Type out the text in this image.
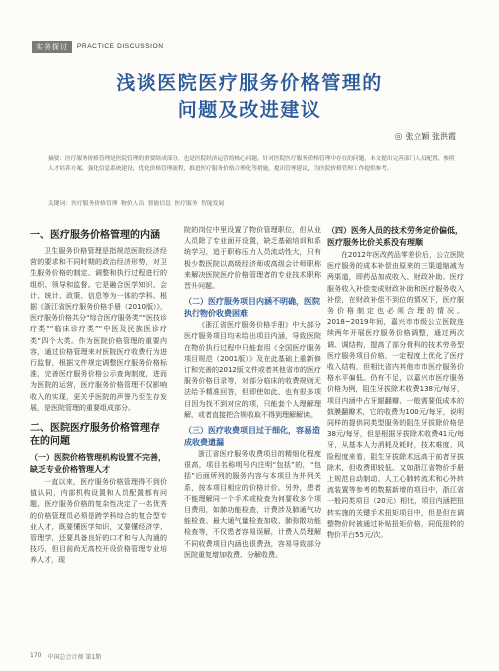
实务探讨	PRACTICE DISCUSSION
浅谈医院医疗服务价格管理的
问题及改进建议
◎ 张立颖 张洪霞
摘要：医疗服务价格管理是医院管理的重要组成部分，也是医院经济运营的核心问题。针对医院医疗服务价格管理中存在的问题，本文提出完善部门人员配置、参照人才培养方案，强化信息系统建设，优化价格管理流程，推进医疗服务价格合理化等措施，提出管理建议，为医院价格管理工作提供参考。
关键词：医疗服务价格管理 物价人员 智能信息 医疗服务 智能发展
一、医疗服务价格管理的内涵

卫生服务价格管理是指规范医院经济经营的要求和不同时期的政治经济形势，对卫生服务价格的制定、调整和执行过程进行的组织、领导和监督。它是融合医学知识、会计、统计、政策、信息等为一体的学科。根据《浙江省医疗服务价格手册（2010版）》，医疗服务价格共分“综合医疗服务类”“医技诊疗类”“临床诊疗类”“中医及民族医诊疗类”四个大类。作为医院价格管理的重要内容，通过价格管理来对医院医疗收费行为进行监督，根据文件规定调整医疗服务价格标准，完善医疗服务价格公示查询制度，进而为医院的运营，医疗服务价格管理不仅影响收入的实现，更关乎医院的声誉乃至生存发展，是医院管理的重要组成部分。

二、医院医疗服务价格管理存在的问题
（一）医院价格管理机构设置不完善，缺乏专业价格管理人才

一直以来，医疗服务价格管理得不到价值认同，内部机构设置和人员配置都有问题，医疗服务价格的复杂性决定了一名优秀的价格管理员必须是跨学科综合的复合型专业人才，既要懂医学知识，又要懂经济学、管理学，还要具备良好的口才和与人沟通的技巧，但目前尚无高校开设价格管理专业培养人才，现

院的岗位中里设置了物价管理职位，但从业人员除了专业面开设置，缺乏基础培训和系统学习，追于职称压力人员流动性大，只有极少数医院以高级经济师或高级会计师职称来解决医院医疗价格管理者的专业技术职称晋升问题。

（二）医疗服务项目内涵不明确，医院执行物价收费困难

《浙江省医疗服务价格手册》中大部分医疗服务项目均未给出项目内涵，导致医院在物价执行过程中只能套用《全国医疗服务项目规范（2001版）》及在此基础上重新修订和完善的2012版文件或者其他省市的医疗服务价格目录等，对部分临床的收费规则无法给予精准回答，但即使如此，也有很多项目因为找不到对应的项，只能套个人理解理解，或者直接把合规收取不得到理解解读。

（三）医疗收费项目过于细化，容易造成收费遗漏

浙江省医疗服务收费项目的精细化程度很高，项目名称明号内注明“包括”的，“包括”后面所列的服务内容与本项目为并列关系，按本项目相应的价格计价。另外，患者不能理解同一个手术或检查为何要收多个项目费用，如肺功能检查，计费涉及肺通气功能检查、最大通气量检查加收、肺弥散功能检查等，不仅患者容易误解，计费人员理解不同收费项目内涵也很费劲，容易导致部分医院重复增加收费、分解收费。

（四）医务人员的技术劳务定价偏低，医疗服务比价关系没有理顺

在2012年医改药品零差价后，公立医院医疗服务的成本补偿由原来的三渠道缩减为两渠道，即药品加成收入、财政补助、医疗服务收入补偿变成财政补助和医疗服务收入补偿，在财政补偿不到位的情况下，医疗服务价格制定也必须合理的情况。2018~2019年间，嘉兴市市级公立医院连续两年开展医疗服务价格调整，通过两次调、调结构，提高了部分骨科的技术劳务型医疗服务项目价格，一定程度上优化了医疗收入结构，但相比省内其他市市医疗服务价格水平偏低。仍有不足，以嘉兴市医疗服务价格为例，阻生牙拔除术收费138元/每牙，项目内涵中占牙龈翻瓣、一般需要低成本的鼓膜翻瓣术，它的收费为100元/每牙，说明同样的提供同类型服务的阻生牙拔除价格是38元/每牙，但是根据牙拔除术收费41元/每牙，从基本人力消耗及耗时，技术难度、风险程度来看，阻生牙拔除术远高于前者牙拔除术，但收费即较低。又如浙江省物价手册上规范自动制动、人工心肺转流术和心外转流装置等参考的数据新增的项目中，浙江省一般同类项目（20元）相比，项目内涵把扭转实施的关键手术扭矩项目中，但是但在调整物价时被通过补贴扭矩价格，同低扭转的物价平台55元/次。

170 中国总会计师 第1期
